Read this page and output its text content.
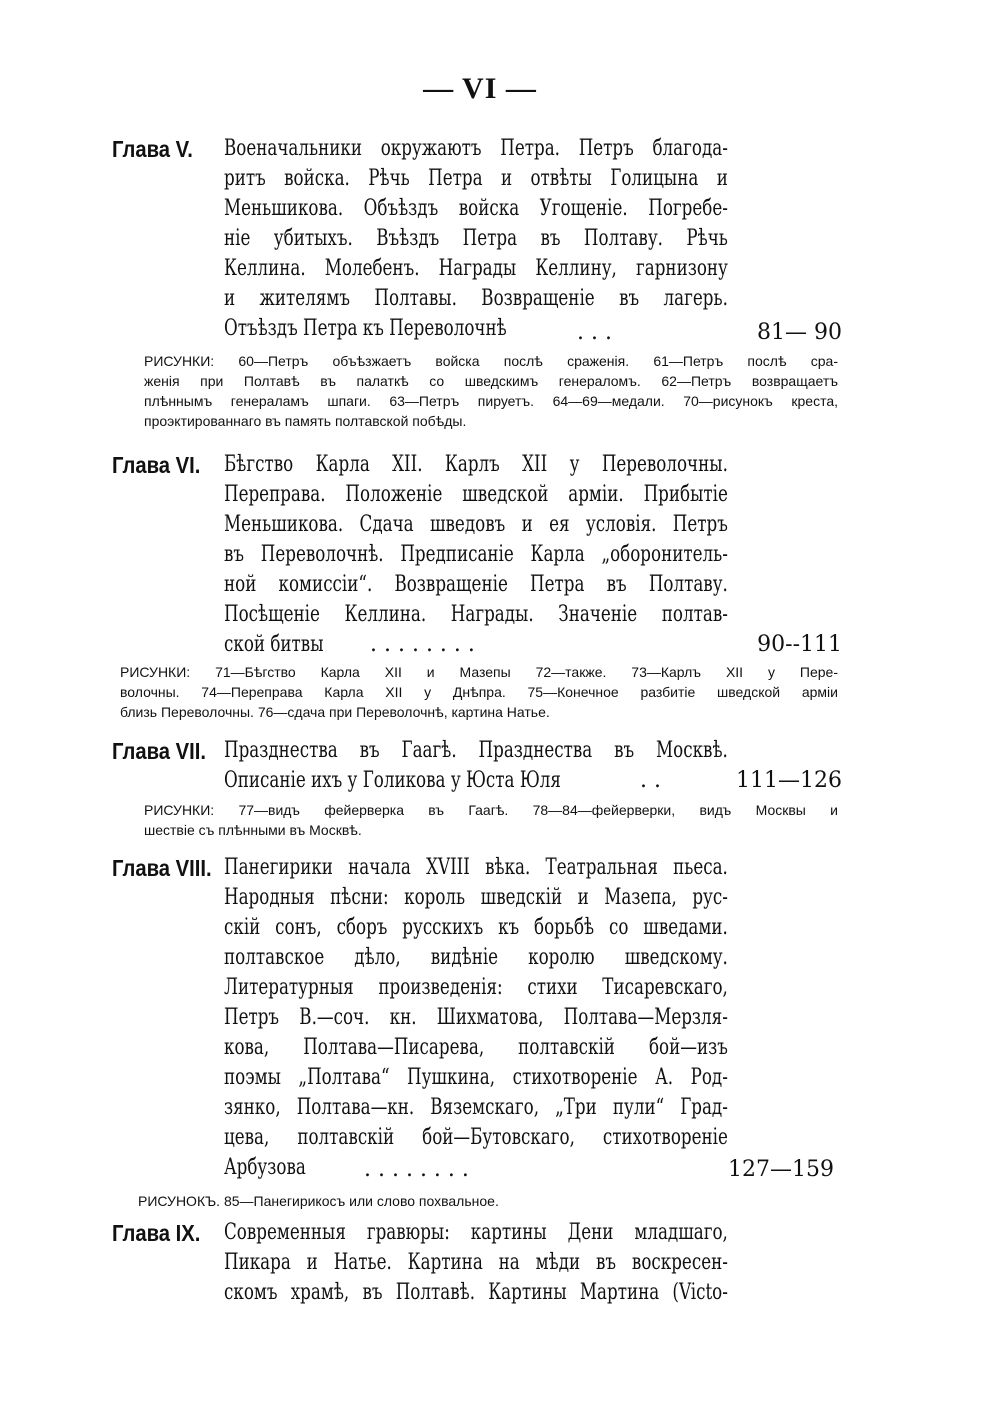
— VI —
Глава V. Военачальники окружаютъ Петра. Петръ благода-
ритъ войска. Рѣчь Петра и отвѣты Голицына и
Меньшикова. Объѣздъ войска Угощеніе. Погребе-
ніе убитыхъ. Въѣздъ Петра въ Полтаву. Рѣчь
Келлина. Молебенъ. Награды Келлину, гарнизону
и жителямъ Полтавы. Возвращеніе въ лагерь.
Отъѣздъ Петра къ Переволочнѣ	. . .	81— 90
РИСУНКИ: 60—Петръ объѣзжаетъ войска послѣ сраженія. 61—Петръ послѣ сра-
женія при Полтавѣ въ палаткѣ со шведскимъ генераломъ. 62—Петръ возвращаетъ
плѣннымъ генераламъ шпаги. 63—Петръ пируетъ. 64—69—медали. 70—рисунокъ креста,
проэктированнаго въ память полтавской побѣды.
Глава VI. Бѣгство Карла XII. Карлъ XII у Переволочны.
Переправа. Положеніе шведской арміи. Прибытіе
Меньшикова. Сдача шведовъ и ея условія. Петръ
въ Переволочнѣ. Предписаніе Карла „оборонитель-
ной комиссіи“. Возвращеніе Петра въ Полтаву.
Посѣщеніе Келлина. Награды. Значеніе полтав-
ской битвы	. . . . . . . .	90--111
РИСУНКИ: 71—Бѣгство Карла XII и Мазепы 72—также. 73—Карлъ XII у Пере-
волочны. 74—Переправа Карла XII у Днѣпра. 75—Конечное разбитіе шведской арміи
близь Переволочны. 76—сдача при Переволочнѣ, картина Натье.
Глава VII. Празднества въ Гаагѣ. Празднества въ Москвѣ.
Описаніе ихъ у Голикова у Юста Юля	. .	111—126
РИСУНКИ: 77—видъ фейерверка въ Гаагѣ. 78—84—фейерверки, видъ Москвы и
шествіе съ плѣнными въ Москвѣ.
Глава VIII. Панегирики начала XVIII вѣка. Театральная пьеса.
Народныя пѣсни: король шведскій и Мазепа, рус-
скій сонъ, сборъ русскихъ къ борьбѣ со шведами.
полтавское дѣло, видѣніе королю шведскому.
Литературныя произведенія: стихи Тисаревскаго,
Петръ В.—соч. кн. Шихматова, Полтава—Мерзля-
кова, Полтава—Писарева, полтавскій бой—изъ
поэмы „Полтава“ Пушкина, стихотвореніе А. Род-
зянко, Полтава—кн. Вяземскаго, „Три пули“ Град-
цева, полтавскій бой—Бутовскаго, стихотвореніе
Арбузова	. . . . . . . .	127—159
РИСУНОКЪ. 85—Панегирикосъ или слово похвальное.
Глава IX. Современныя гравюры: картины Дени младшаго,
Пикара и Натье. Картина на мѣди въ воскресен-
скомъ храмѣ, въ Полтавѣ. Картины Мартина (Victo-
